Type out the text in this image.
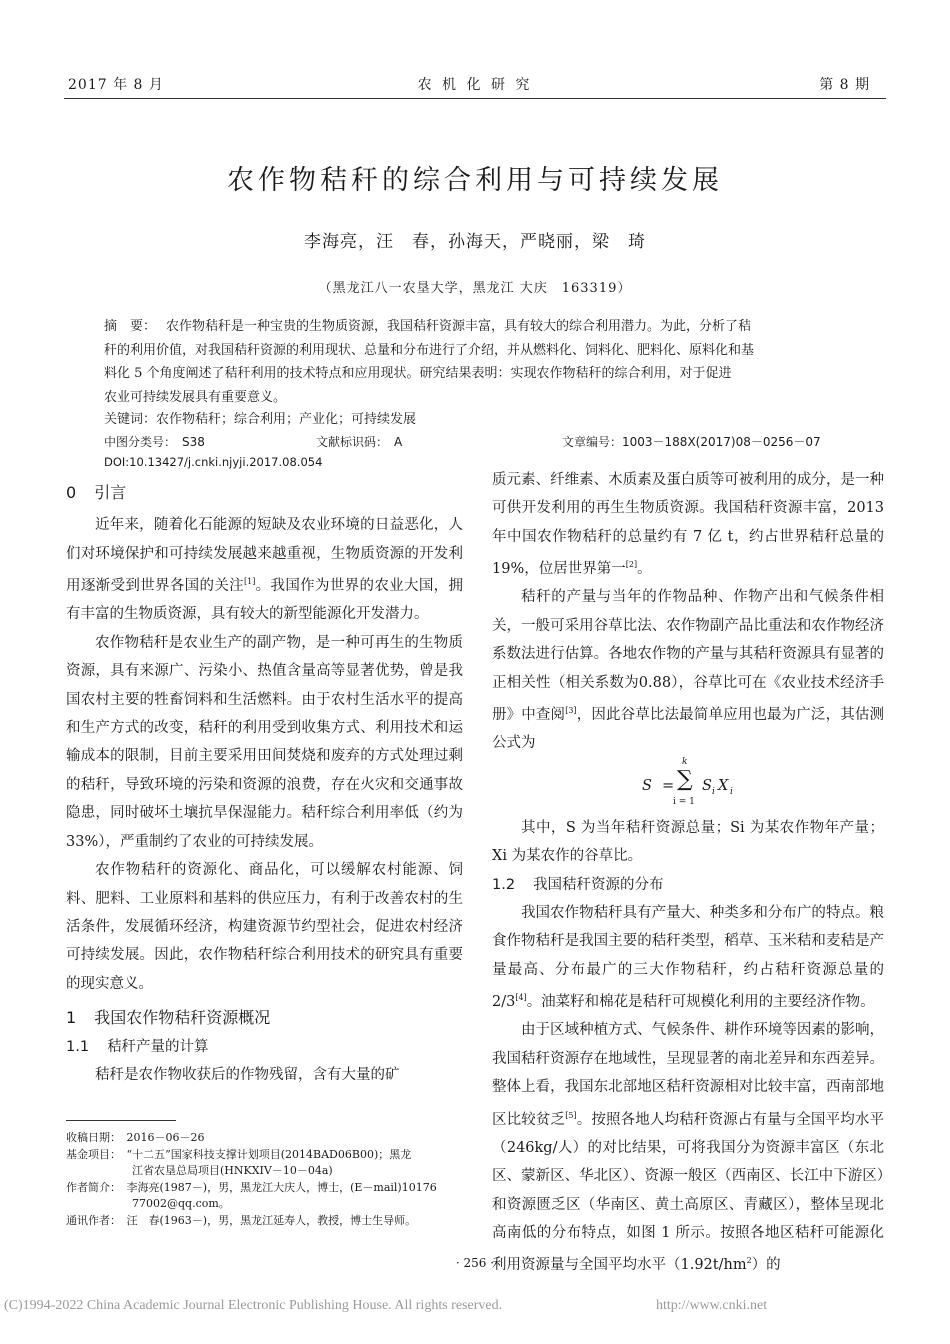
2017 年 8 月	农 机 化 研 究	第 8 期
农作物秸秆的综合利用与可持续发展
李海亮，汪　春，孙海天，严晓丽，梁　琦
（黑龙江八一农垦大学，黑龙江 大庆　163319）
摘　要： 农作物秸秆是一种宝贵的生物质资源，我国秸秆资源丰富，具有较大的综合利用潜力。为此，分析了秸
秆的利用价值，对我国秸秆资源的利用现状、总量和分布进行了介绍，并从燃料化、饲料化、肥料化、原料化和基
料化 5 个角度阐述了秸秆利用的技术特点和应用现状。研究结果表明：实现农作物秸秆的综合利用，对于促进
农业可持续发展具有重要意义。
关键词：农作物秸秆；综合利用；产业化；可持续发展
中图分类号：　S38	文献标识码：　A	文章编号：1003－188X(2017)08－0256－07
DOI:10.13427/j.cnki.njyji.2017.08.054
0 引言

近年来，随着化石能源的短缺及农业环境的日益恶化，人们对环境保护和可持续发展越来越重视，生物质资源的开发利用逐渐受到世界各国的关注[1]。我国作为世界的农业大国，拥有丰富的生物质资源，具有较大的新型能源化开发潜力。

农作物秸秆是农业生产的副产物，是一种可再生的生物质资源，具有来源广、污染小、热值含量高等显著优势，曾是我国农村主要的牲畜饲料和生活燃料。由于农村生活水平的提高和生产方式的改变，秸秆的利用受到收集方式、利用技术和运输成本的限制，目前主要采用田间焚烧和废弃的方式处理过剩的秸秆，导致环境的污染和资源的浪费，存在火灾和交通事故隐患，同时破坏土壤抗旱保湿能力。秸秆综合利用率低（约为 33%），严重制约了农业的可持续发展。

农作物秸秆的资源化、商品化，可以缓解农村能源、饲料、肥料、工业原料和基料的供应压力，有利于改善农村的生活条件，发展循环经济，构建资源节约型社会，促进农村经济可持续发展。因此，农作物秸秆综合利用技术的研究具有重要的现实意义。

1 我国农作物秸秆资源概况
1.1 秸秆产量的计算

秸秆是农作物收获后的作物残留，含有大量的矿

收稿日期：　2016－06－26
基金项目：　“十二五”国家科技支撑计划项目(2014BAD06B00)；黑龙
江省农垦总局项目(HNKXIV－10－04a)
作者简介：　李海亮(1987－)，男，黑龙江大庆人，博士，(E－mail)10176
77002@qq.com。
通讯作者：　汪　春(1963－)，男，黑龙江延寿人，教授，博士生导师。

质元素、纤维素、木质素及蛋白质等可被利用的成分，是一种可供开发利用的再生生物质资源。我国秸秆资源丰富，2013 年中国农作物秸秆的总量约有 7 亿 t，约占世界秸秆总量的 19%，位居世界第一[2]。

秸秆的产量与当年的作物品种、作物产出和气候条件相关，一般可采用谷草比法、农作物副产品比重法和农作物经济系数法进行估算。各地农作物的产量与其秸秆资源具有显著的正相关性（相关系数为0.88），谷草比可在《农业技术经济手册》中查阅[3]，因此谷草比法最简单应用也最为广泛，其估测公式为

S =
k
∑
i = 1
S i X i

其中，S 为当年秸秆资源总量；Si 为某农作物年产量；Xi 为某农作的谷草比。

1.2 我国秸秆资源的分布

我国农作物秸秆具有产量大、种类多和分布广的特点。粮食作物秸秆是我国主要的秸秆类型，稻草、玉米秸和麦秸是产量最高、分布最广的三大作物秸秆，约占秸秆资源总量的 2/3[4]。油菜籽和棉花是秸秆可规模化利用的主要经济作物。

由于区域种植方式、气候条件、耕作环境等因素的影响，我国秸秆资源存在地域性，呈现显著的南北差异和东西差异。整体上看，我国东北部地区秸秆资源相对比较丰富，西南部地区比较贫乏[5]。按照各地人均秸秆资源占有量与全国平均水平（246kg/人）的对比结果，可将我国分为资源丰富区（东北区、蒙新区、华北区）、资源一般区（西南区、长江中下游区）和资源匮乏区（华南区、黄土高原区、青藏区），整体呈现北高南低的分布特点，如图 1 所示。按照各地区秸秆可能源化利用资源量与全国平均水平$(1.92t/hm^2)$的

· 256 ·
(C)1994-2022 China Academic Journal Electronic Publishing House. All rights reserved.	http://www.cnki.net
